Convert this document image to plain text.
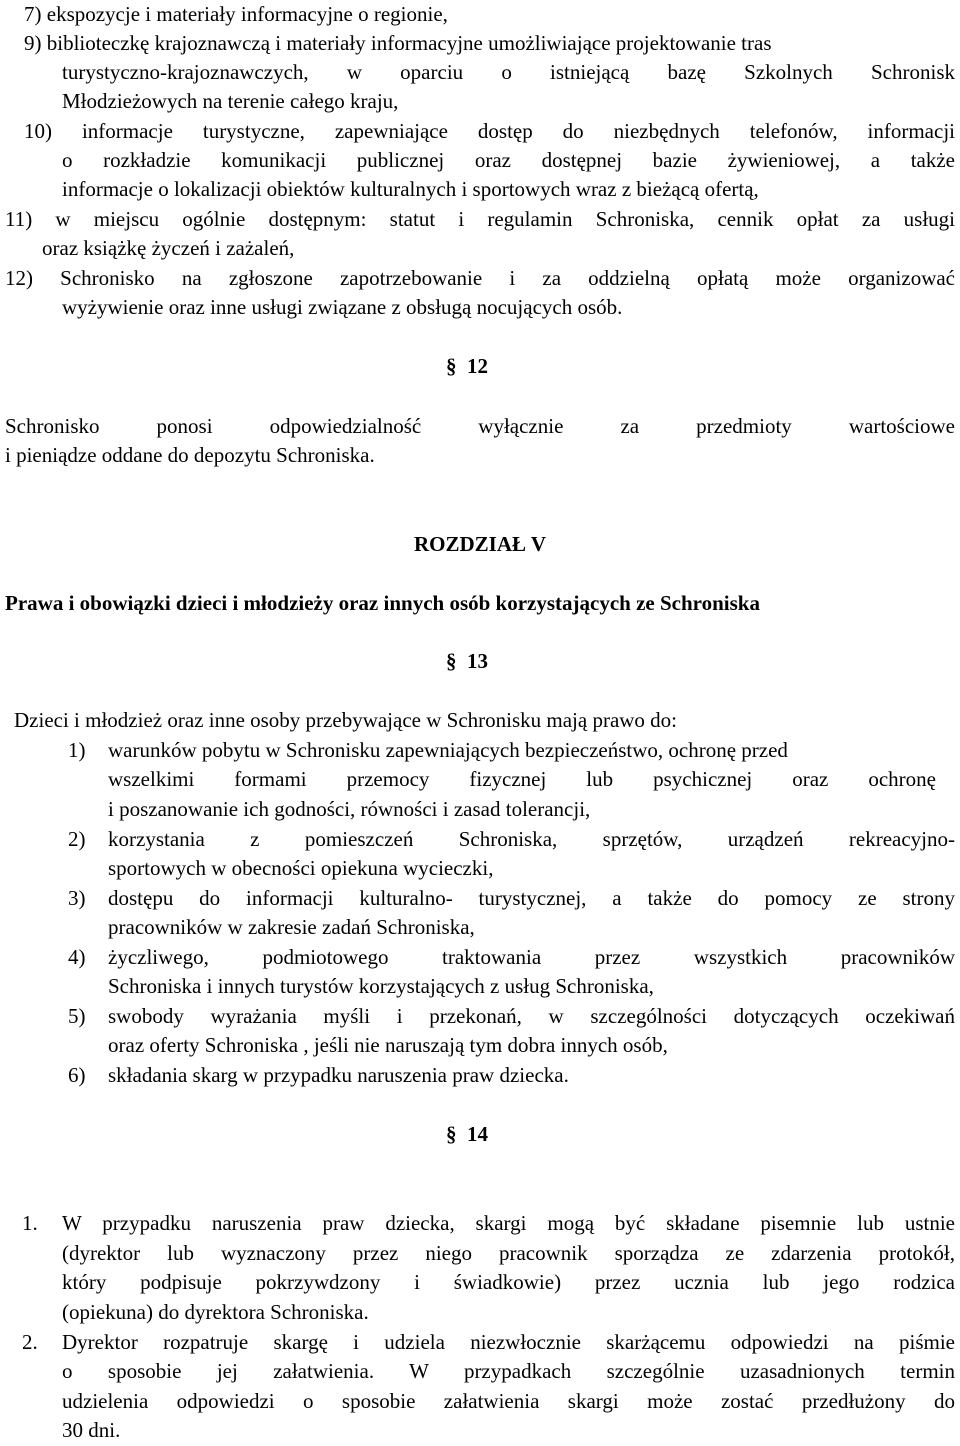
7) ekspozycje i materiały informacyjne o regionie,
9) biblioteczkę krajoznawczą i materiały informacyjne umożliwiające projektowanie tras
turystyczno-krajoznawczych, w oparciu o istniejącą bazę Szkolnych Schronisk
Młodzieżowych na terenie całego kraju,
10) informacje turystyczne, zapewniające dostęp do niezbędnych telefonów, informacji
o rozkładzie komunikacji publicznej oraz dostępnej bazie żywieniowej, a także
informacje o lokalizacji obiektów kulturalnych i sportowych wraz z bieżącą ofertą,
11) w miejscu ogólnie dostępnym: statut i regulamin Schroniska, cennik opłat za usługi
oraz książkę życzeń i zażaleń,
12) Schronisko na zgłoszone zapotrzebowanie i za oddzielną opłatą może organizować
wyżywienie oraz inne usługi związane z obsługą nocujących osób.
§ 12
Schronisko ponosi odpowiedzialność wyłącznie za przedmioty wartościowe
i pieniądze oddane do depozytu Schroniska.
ROZDZIAŁ V
Prawa i obowiązki dzieci i młodzieży oraz innych osób korzystających ze Schroniska
§ 13
Dzieci i młodzież oraz inne osoby przebywające w Schronisku mają prawo do:
1) warunków pobytu w Schronisku zapewniających bezpieczeństwo, ochronę przed
wszelkimi formami przemocy fizycznej lub psychicznej oraz ochronę
i poszanowanie ich godności, równości i zasad tolerancji,
2) korzystania z pomieszczeń Schroniska, sprzętów, urządzeń rekreacyjno-
sportowych w obecności opiekuna wycieczki,
3) dostępu do informacji kulturalno- turystycznej, a także do pomocy ze strony
pracowników w zakresie zadań Schroniska,
4) życzliwego, podmiotowego traktowania przez wszystkich pracowników
Schroniska i innych turystów korzystających z usług Schroniska,
5) swobody wyrażania myśli i przekonań, w szczególności dotyczących oczekiwań
oraz oferty Schroniska , jeśli nie naruszają tym dobra innych osób,
6) składania skarg w przypadku naruszenia praw dziecka.
§ 14
1. W przypadku naruszenia praw dziecka, skargi mogą być składane pisemnie lub ustnie
(dyrektor lub wyznaczony przez niego pracownik sporządza ze zdarzenia protokół,
który podpisuje pokrzywdzony i świadkowie) przez ucznia lub jego rodzica
(opiekuna) do dyrektora Schroniska.
2. Dyrektor rozpatruje skargę i udziela niezwłocznie skarżącemu odpowiedzi na piśmie
o sposobie jej załatwienia. W przypadkach szczególnie uzasadnionych termin
udzielenia odpowiedzi o sposobie załatwienia skargi może zostać przedłużony do
30 dni.
